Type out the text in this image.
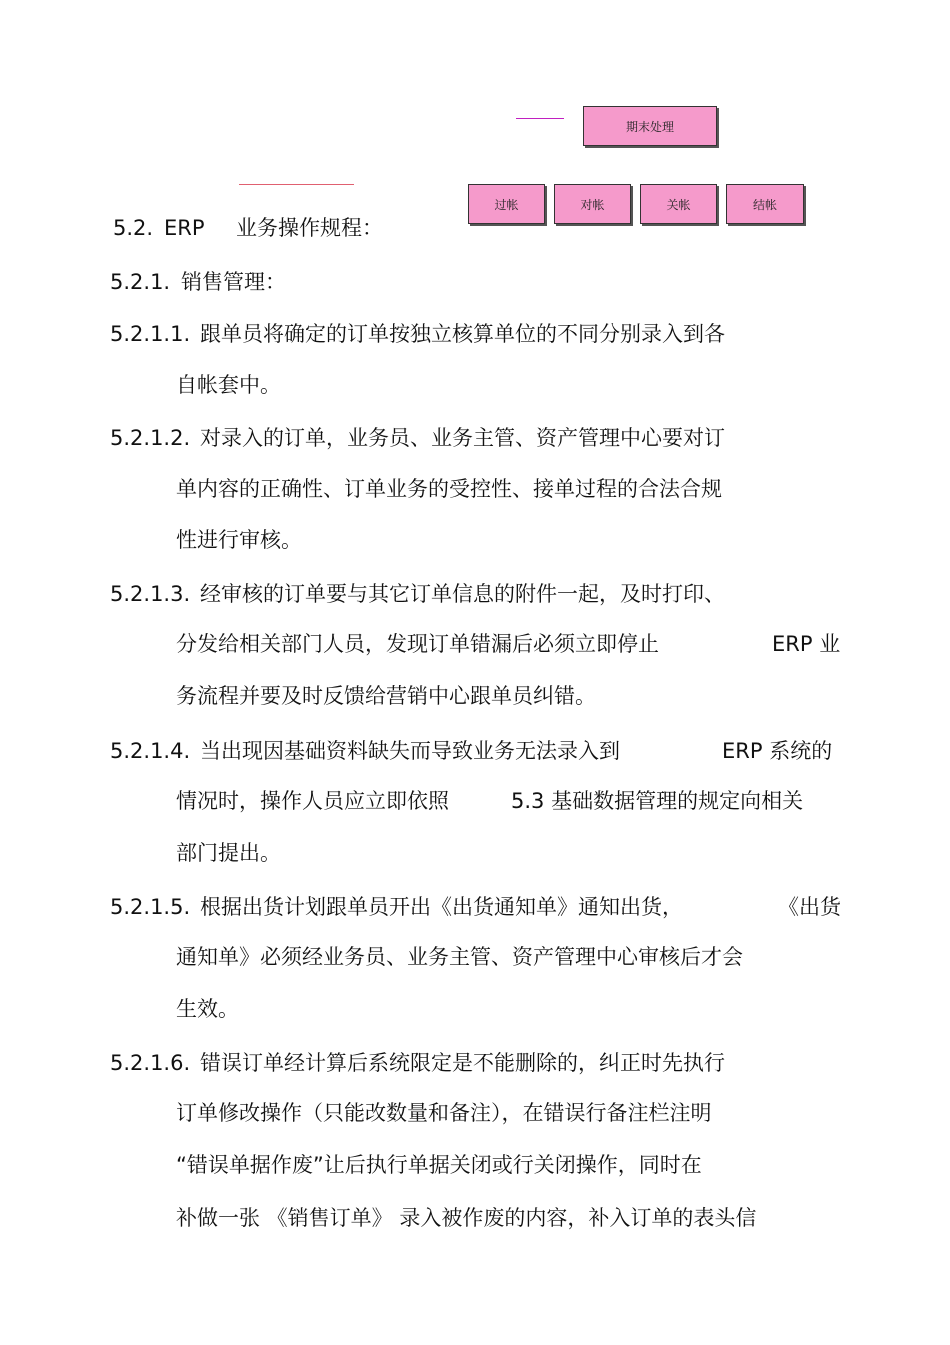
期末处理
过帐	对帐	关帐	结帐
5.2. ERP 业务操作规程：
5.2.1. 销售管理：
5.2.1.1. 跟单员将确定的订单按独立核算单位的不同分别录入到各
自帐套中。
5.2.1.2. 对录入的订单，业务员、业务主管、资产管理中心要对订
单内容的正确性、订单业务的受控性、接单过程的合法合规
性进行审核。
5.2.1.3. 经审核的订单要与其它订单信息的附件一起，及时打印、
分发给相关部门人员，发现订单错漏后必须立即停止	ERP 业
务流程并要及时反馈给营销中心跟单员纠错。
5.2.1.4. 当出现因基础资料缺失而导致业务无法录入到	ERP 系统的
情况时，操作人员应立即依照	5.3 基础数据管理的规定向相关
部门提出。
5.2.1.5. 根据出货计划跟单员开出《出货通知单》通知出货，	《出货
通知单》必须经业务员、业务主管、资产管理中心审核后才会
生效。
5.2.1.6. 错误订单经计算后系统限定是不能删除的，纠正时先执行
订单修改操作（只能改数量和备注），在错误行备注栏注明
“错误单据作废”让后执行单据关闭或行关闭操作，同时在
补做一张 《销售订单》 录入被作废的内容，补入订单的表头信
